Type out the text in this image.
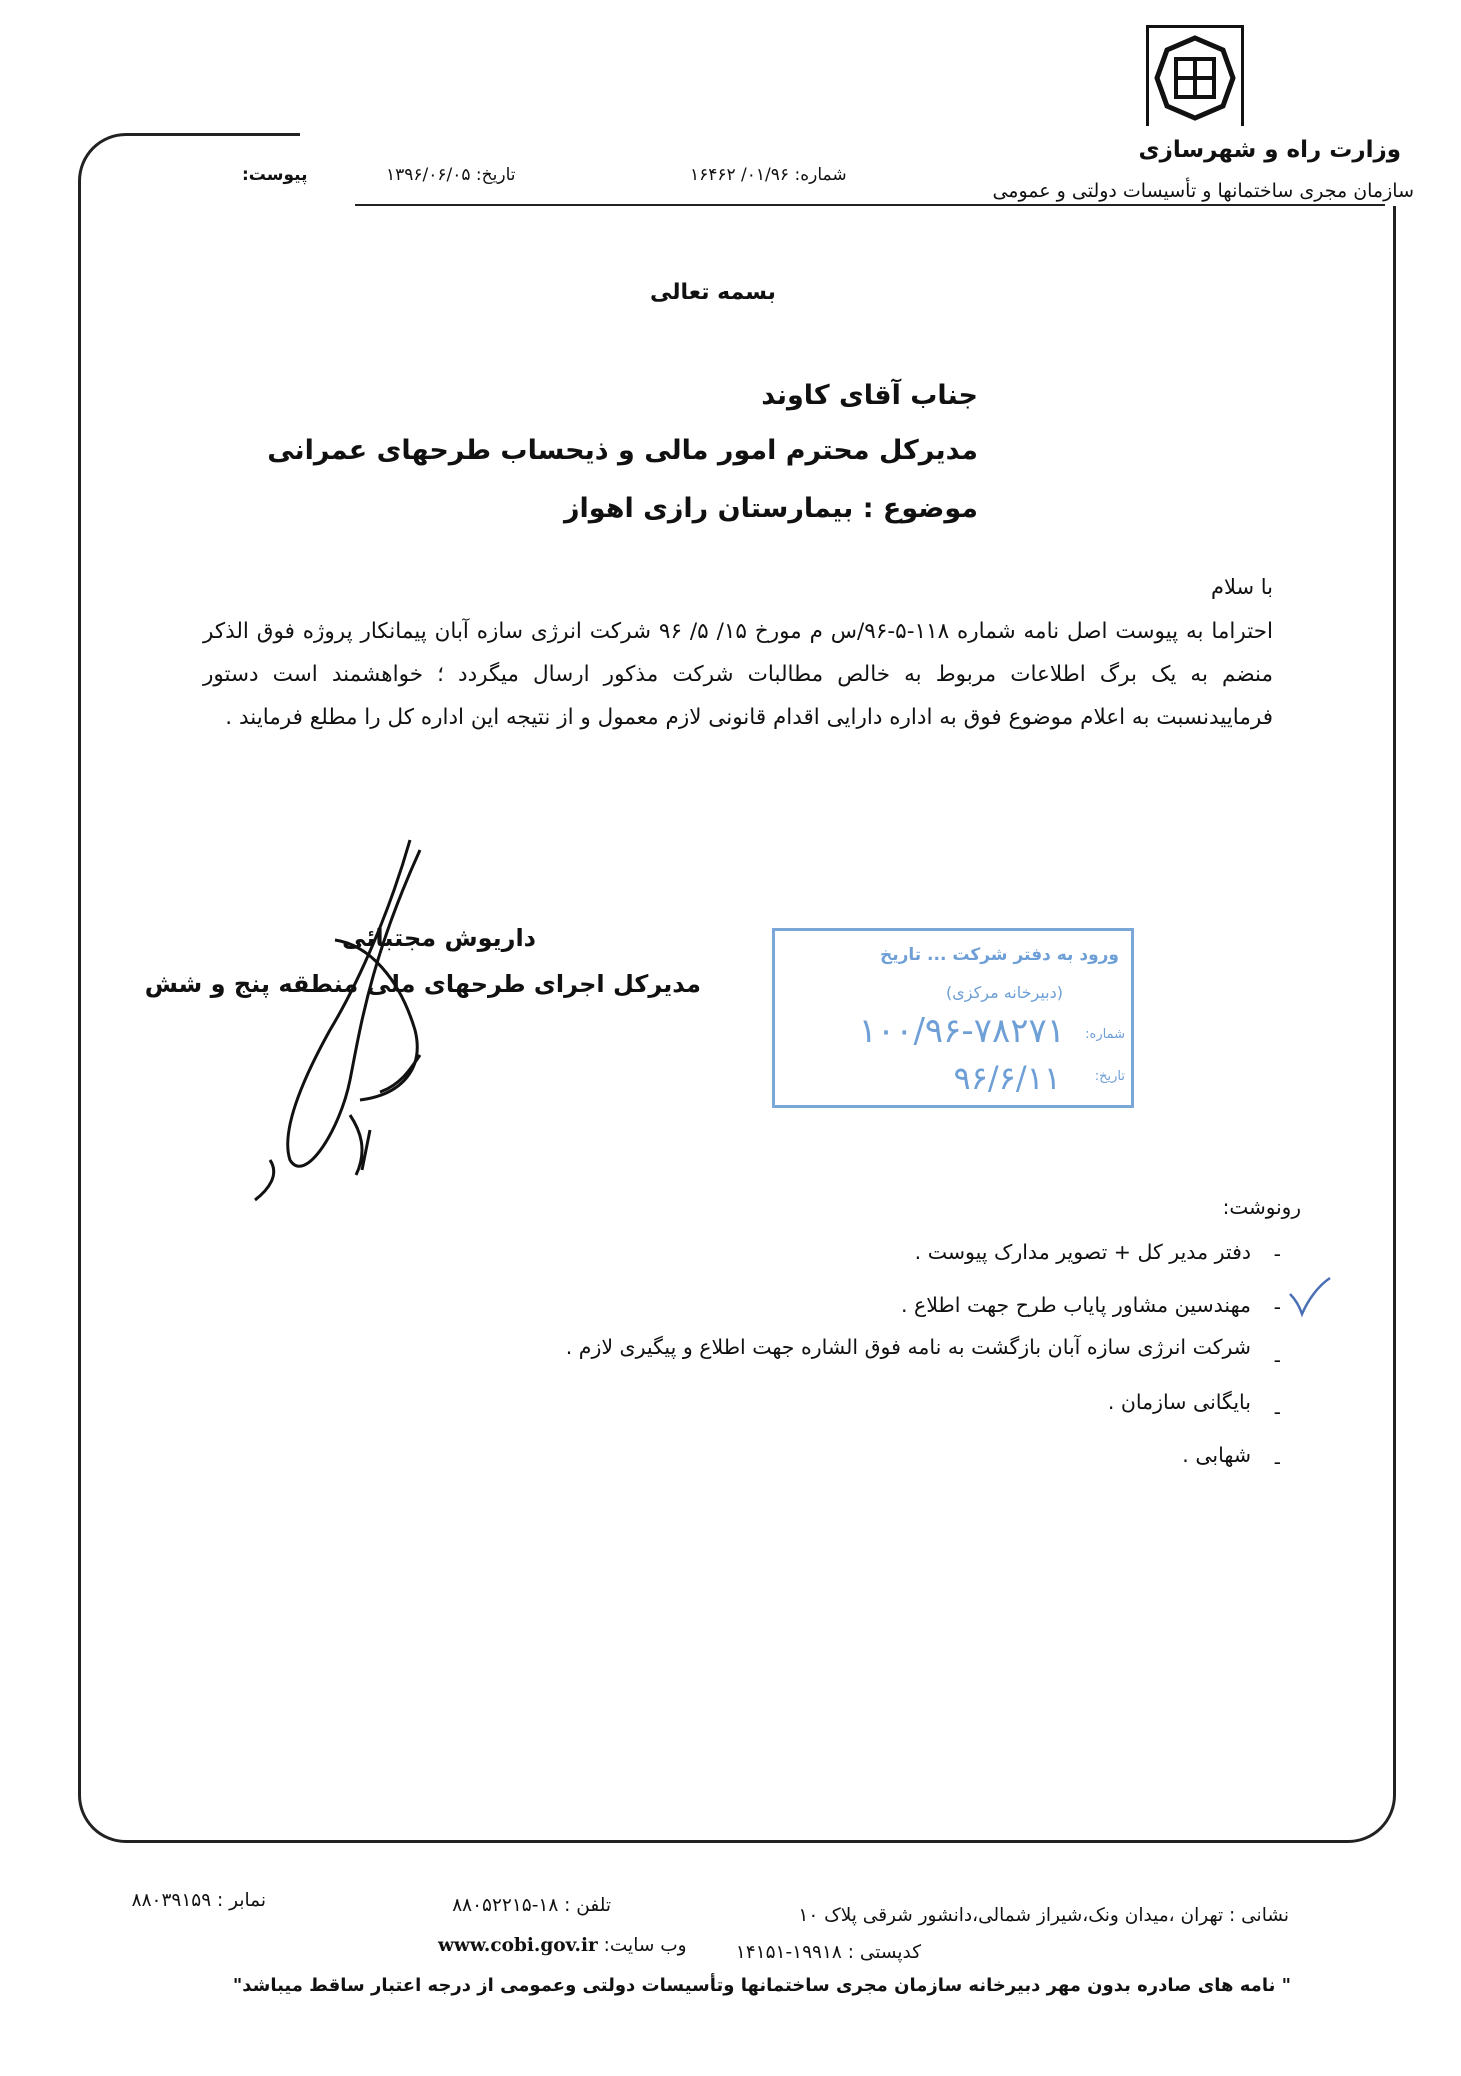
وزارت راه و شهرسازی
سازمان مجری ساختمانها و تأسیسات دولتی و عمومی
شماره: ۰۱/۹۶/ ۱۶۴۶۲
تاریخ: ۱۳۹۶/۰۶/۰۵
پیوست:
بسمه تعالی
جناب آقای کاوند
مدیرکل محترم امور مالی و ذیحساب طرحهای عمرانی
موضوع : بیمارستان رازی اهواز
با سلام
احتراما به پیوست اصل نامه شماره ۱۱۸-۵-۹۶/س م مورخ ۱۵/ ۵/ ۹۶ شرکت انرژی سازه آبان پیمانکار پروژه فوق الذکر منضم به یک برگ اطلاعات مربوط به خالص مطالبات شرکت مذکور ارسال میگردد ؛ خواهشمند است دستور فرمایید‌نسبت به اعلام موضوع فوق به اداره دارایی اقدام قانونی لازم معمول و از نتیجه این اداره کل را مطلع فرمایند .
داریوش مجتبائی
مدیرکل اجرای طرحهای ملی منطقه پنج و شش
ورود به دفتر شرکت ... تاریخ
(دبیرخانه مرکزی)
شماره:
۱۰۰/۹۶-۷۸۲۷۱
تاریخ:
۹۶/۶/۱۱
رونوشت:
-
دفتر مدیر کل + تصویر مدارک پیوست .
-
مهندسین مشاور پایاب طرح جهت اطلاع .
-
شرکت انرژی سازه آبان بازگشت به نامه فوق الشاره جهت اطلاع و پیگیری لازم .
-
بایگانی سازمان .
-
شهابی .
نشانی : تهران ،میدان ونک،شیراز شمالی،دانشور شرقی پلاک ۱۰
کدپستی : ۱۹۹۱۸-۱۴۱۵۱
تلفن : ۱۸-۸۸۰۵۲۲۱۵
نمابر : ۸۸۰۳۹۱۵۹
www.cobi.gov.ir وب سایت:
" نامه های صادره بدون مهر دبیرخانه سازمان مجری ساختمانها وتأسیسات دولتی وعمومی از درجه اعتبار ساقط میباشد"
